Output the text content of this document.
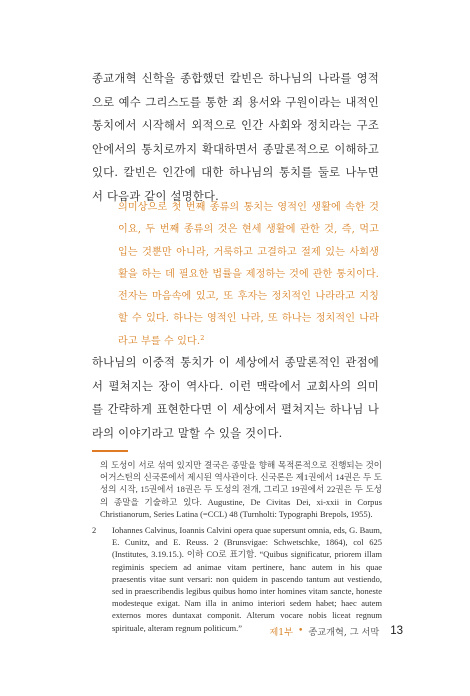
종교개혁 신학을 종합했던 칼빈은 하나님의 나라를 영적으로 예수 그리스도를 통한 죄 용서와 구원이라는 내적인 통치에서 시작해서 외적으로 인간 사회와 정치라는 구조 안에서의 통치로까지 확대하면서 종말론적으로 이해하고 있다. 칼빈은 인간에 대한 하나님의 통치를 둘로 나누면서 다음과 같이 설명한다.

의미상으로 첫 번째 종류의 통치는 영적인 생활에 속한 것이요, 두 번째 종류의 것은 현세 생활에 관한 것, 즉, 먹고 입는 것뿐만 아니라, 거룩하고 고결하고 절제 있는 사회생활을 하는 데 필요한 법률을 제정하는 것에 관한 통치이다. 전자는 마음속에 있고, 또 후자는 정치적인 나라라고 지칭할 수 있다. 하나는 영적인 나라, 또 하나는 정치적인 나라라고 부를 수 있다.$^2$

하나님의 이중적 통치가 이 세상에서 종말론적인 관점에서 펼쳐지는 장이 역사다. 이런 맥락에서 교회사의 의미를 간략하게 표현한다면 이 세상에서 펼쳐지는 하나님 나라의 이야기라고 말할 수 있을 것이다.

의 도성이 서로 섞여 있지만 결국은 종말을 향해 목적론적으로 진행되는 것이 어거스틴의 신국론에서 제시된 역사관이다. 신국론은 제1권에서 14권은 두 도성의 시작, 15권에서 18권은 두 도성의 전개, 그리고 19권에서 22권은 두 도성의 종말을 기술하고 있다. Augustine, De Civitas Dei, xi-xxii in Corpus Christianorum, Series Latina (=CCL) 48 (Turnholti: Typographi Brepols, 1955).

2	Iohannes Calvinus, Ioannis Calvini opera quae supersunt omnia, eds, G. Baum, E. Cunitz, and E. Reuss. 2 (Brunsvigae: Schwetschke, 1864), col 625 (Institutes, 3.19.15.). 이하 CO로 표기함. “Quibus significatur, priorem illam regiminis speciem ad animae vitam pertinere, hanc autem in his quae praesentis vitae sunt versari: non quidem in pascendo tantum aut vestiendo, sed in praescribendis legibus quibus homo inter homines vitam sancte, honeste modesteque exigat. Nam illa in animo interiori sedem habet; haec autem externos mores duntaxat componit. Alterum vocare nobis liceat regnum spirituale, alteram regnum politicum.”	제1부 • 종교개혁, 그 서막 13
